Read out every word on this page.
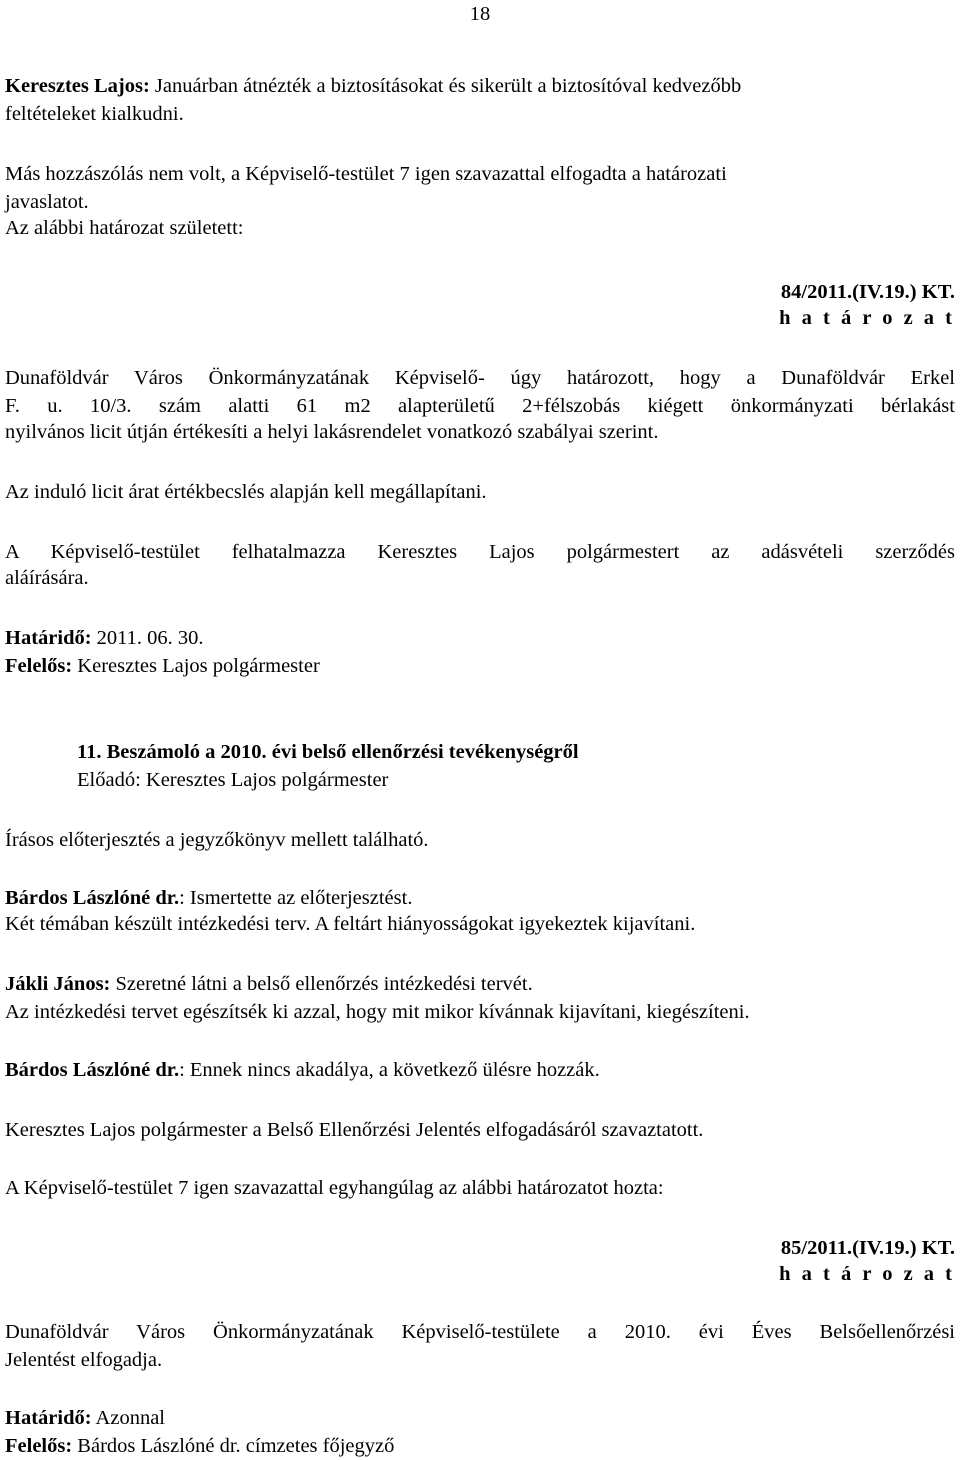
18
Keresztes Lajos: Januárban átnézték a biztosításokat és sikerült a biztosítóval kedvezőbb
feltételeket kialkudni.
Más hozzászólás nem volt, a Képviselő-testület 7 igen szavazattal elfogadta a határozati
javaslatot.
Az alábbi határozat született:
84/2011.(IV.19.) KT.
h a t á r o z a t
Dunaföldvár Város Önkormányzatának Képviselő- úgy határozott, hogy a Dunaföldvár Erkel
F. u. 10/3. szám alatti 61 m2 alapterületű 2+félszobás kiégett önkormányzati bérlakást
nyilvános licit útján értékesíti a helyi lakásrendelet vonatkozó szabályai szerint.
Az induló licit árat értékbecslés alapján kell megállapítani.
A Képviselő-testület felhatalmazza Keresztes Lajos polgármestert az adásvételi szerződés
aláírására.
Határidő: 2011. 06. 30.
Felelős: Keresztes Lajos polgármester
11. Beszámoló a 2010. évi belső ellenőrzési tevékenységről
Előadó: Keresztes Lajos polgármester
Írásos előterjesztés a jegyzőkönyv mellett található.
Bárdos Lászlóné dr.: Ismertette az előterjesztést.
Két témában készült intézkedési terv. A feltárt hiányosságokat igyekeztek kijavítani.
Jákli János: Szeretné látni a belső ellenőrzés intézkedési tervét.
Az intézkedési tervet egészítsék ki azzal, hogy mit mikor kívánnak kijavítani, kiegészíteni.
Bárdos Lászlóné dr.: Ennek nincs akadálya, a következő ülésre hozzák.
Keresztes Lajos polgármester a Belső Ellenőrzési Jelentés elfogadásáról szavaztatott.
A Képviselő-testület 7 igen szavazattal egyhangúlag az alábbi határozatot hozta:
85/2011.(IV.19.) KT.
h a t á r o z a t
Dunaföldvár Város Önkormányzatának Képviselő-testülete a 2010. évi Éves Belsőellenőrzési
Jelentést elfogadja.
Határidő: Azonnal
Felelős: Bárdos Lászlóné dr. címzetes főjegyző
